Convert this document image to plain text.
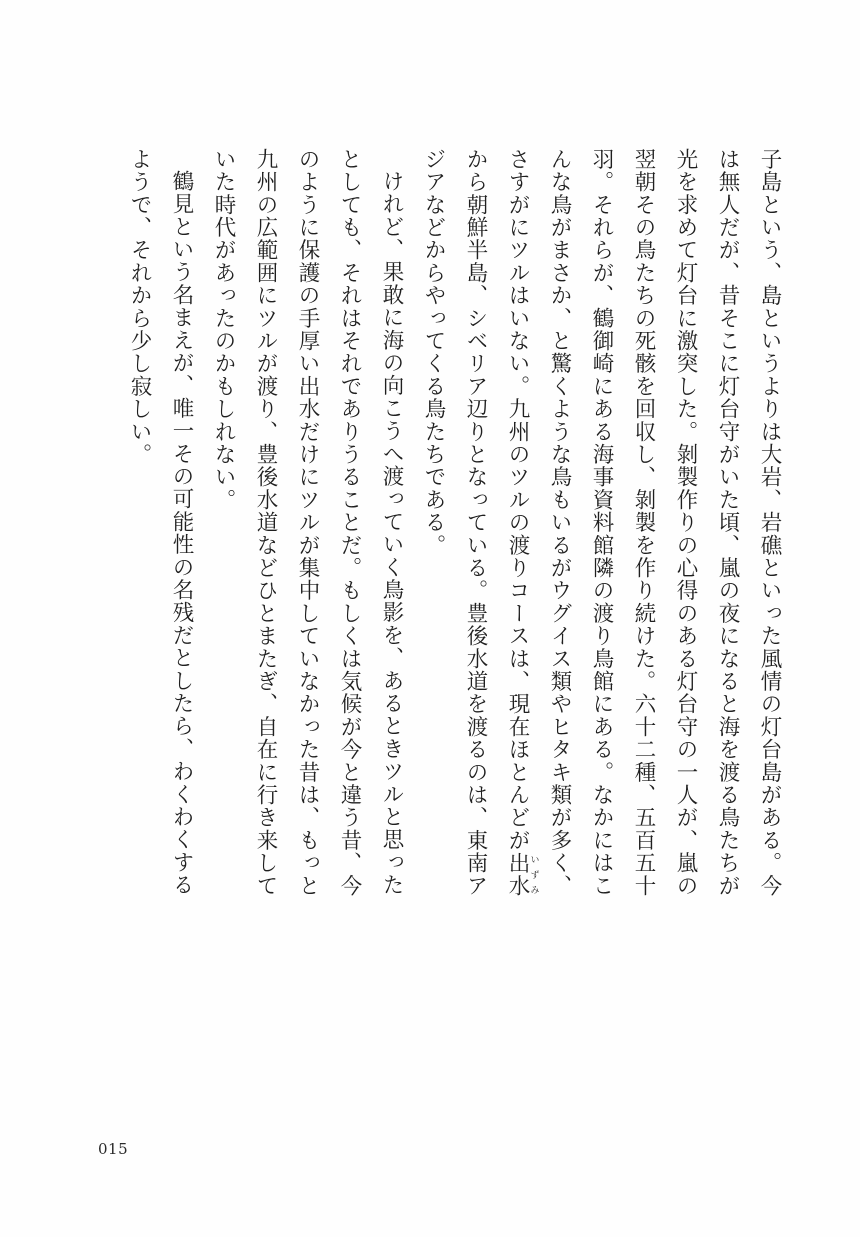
子島という、島というよりは大岩、岩礁といった風情の灯台島がある。今は無人だが、昔そこに灯台守がいた頃、嵐の夜になると海を渡る鳥たちが光を求めて灯台に激突した。剝製作りの心得のある灯台守の一人が、嵐の翌朝その鳥たちの死骸を回収し、剝製を作り続けた。六十二種、五百五十羽。それらが、鶴御崎にある海事資料館隣の渡り鳥館にある。なかにはこんな鳥がまさか、と驚くような鳥もいるがウグイス類やヒタキ類が多く、さすがにツルはいない。九州のツルの渡りコースは、現在ほとんどが出水いずみから朝鮮半島、シベリア辺りとなっている。豊後水道を渡るのは、東南アジアなどからやってくる鳥たちである。

けれど、果敢に海の向こうへ渡っていく鳥影を、あるときツルと思ったとしても、それはそれでありうることだ。もしくは気候が今と違う昔、今のように保護の手厚い出水だけにツルが集中していなかった昔は、もっと九州の広範囲にツルが渡り、豊後水道などひとまたぎ、自在に行き来していた時代があったのかもしれない。

鶴見という名まえが、唯一その可能性の名残だとしたら、わくわくするようで、それから少し寂しい。

015
